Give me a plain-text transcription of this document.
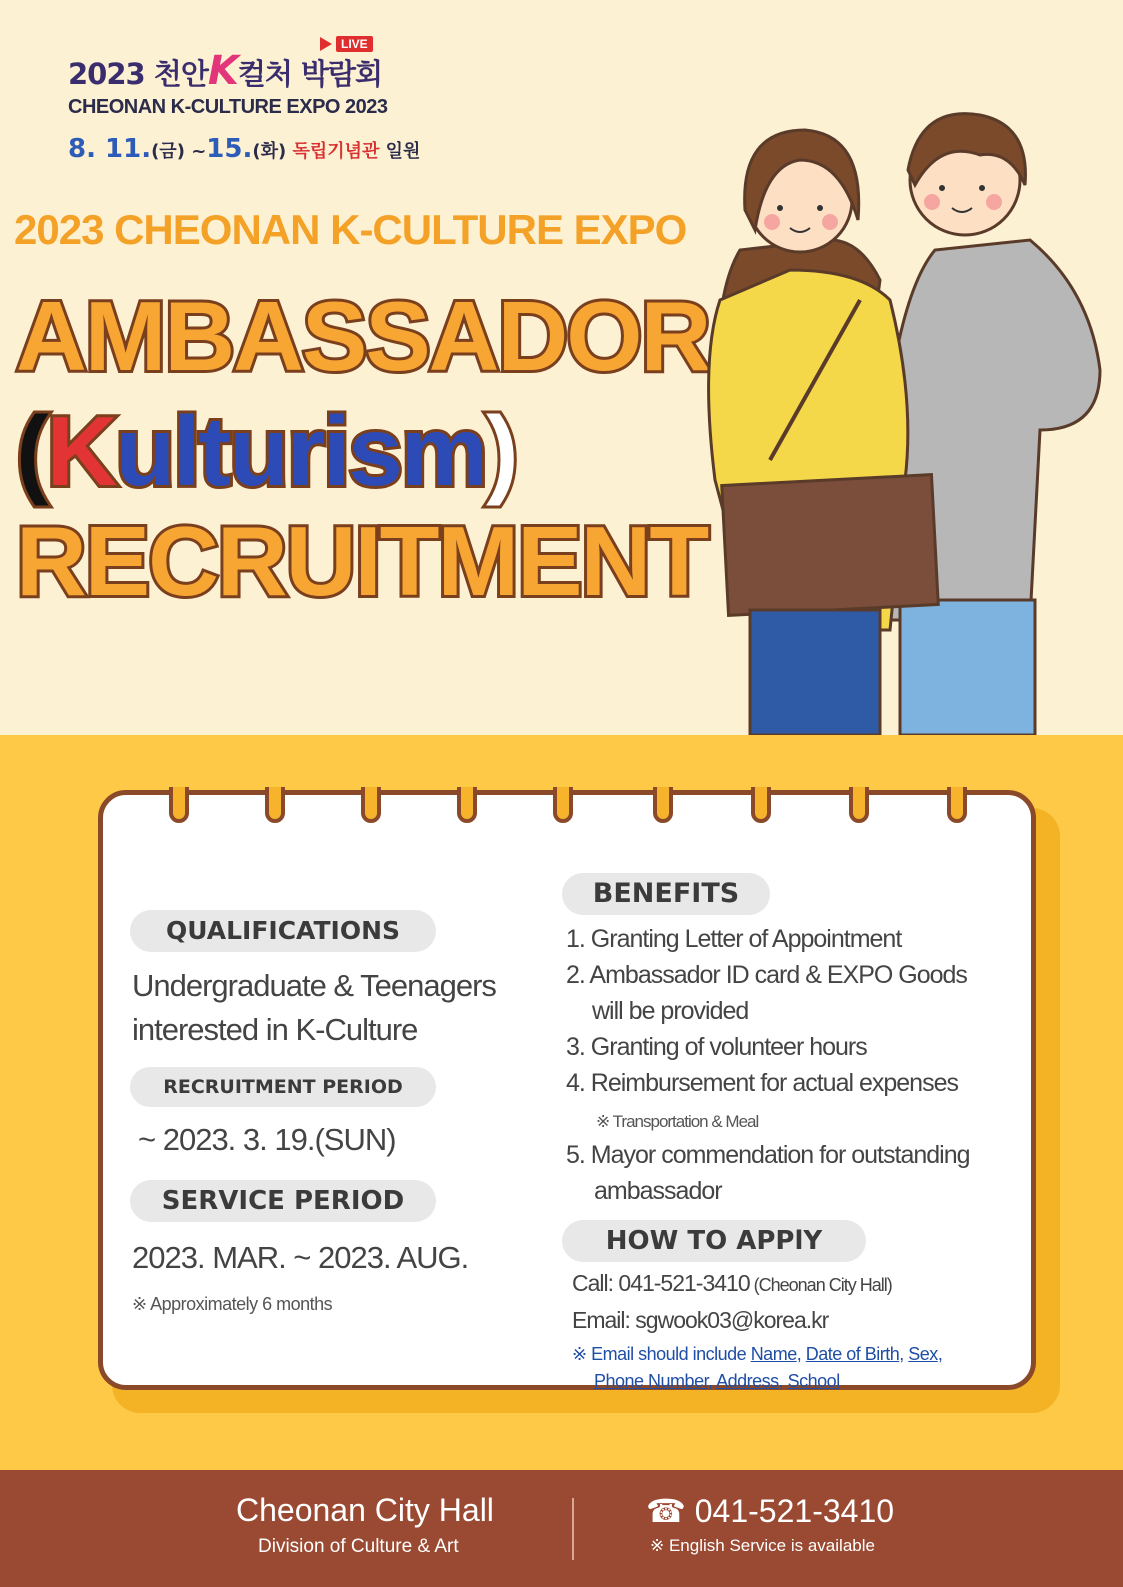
2023 천안K컬처 박람회
LIVE
CHEONAN K-CULTURE EXPO 2023
8. 11.(금) ~15.(화) 독립기념관 일원
2023 CHEONAN K-CULTURE EXPO
AMBASSADOR
(Kulturism)
RECRUITMENT
QUALIFICATIONS
Undergraduate & Teenagers
interested in K-Culture
RECRUITMENT PERIOD
~ 2023. 3. 19.(SUN)
SERVICE PERIOD
2023. MAR. ~ 2023. AUG.
※ Approximately 6 months
BENEFITS
1. Granting Letter of Appointment
2. Ambassador ID card & EXPO Goods
will be provided
3. Granting of volunteer hours
4. Reimbursement for actual expenses
※ Transportation & Meal
5. Mayor commendation for outstanding
ambassador
HOW TO APPlY
Call: 041-521-3410 (Cheonan City Hall)
Email: sgwook03@korea.kr
※ Email should include Name, Date of Birth, Sex,
Phone Number, Address, School
Cheonan City Hall
Division of Culture & Art
☎ 041-521-3410
※ English Service is available
